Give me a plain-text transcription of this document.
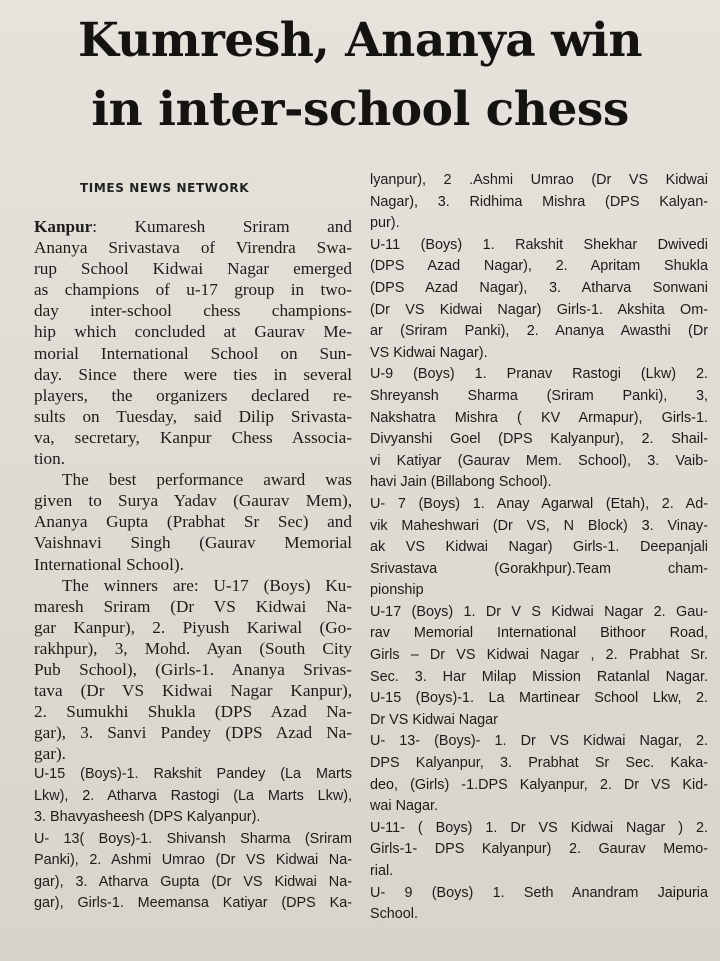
Kumresh, Ananya win
in inter-school chess
TIMES NEWS NETWORK
Kanpur: Kumaresh Sriram and
Ananya Srivastava of Virendra Swa-
rup School Kidwai Nagar emerged
as champions of u-17 group in two-
day inter-school chess champions-
hip which concluded at Gaurav Me-
morial International School on Sun-
day. Since there were ties in several
players, the organizers declared re-
sults on Tuesday, said Dilip Srivasta-
va, secretary, Kanpur Chess Associa-
tion.
The best performance award was
given to Surya Yadav (Gaurav Mem),
Ananya Gupta (Prabhat Sr Sec) and
Vaishnavi Singh (Gaurav Memorial
International School).
The winners are: U-17 (Boys) Ku-
maresh Sriram (Dr VS Kidwai Na-
gar Kanpur), 2. Piyush Kariwal (Go-
rakhpur), 3, Mohd. Ayan (South City
Pub School), (Girls-1. Ananya Srivas-
tava (Dr VS Kidwai Nagar Kanpur),
2. Sumukhi Shukla (DPS Azad Na-
gar), 3. Sanvi Pandey (DPS Azad Na-
gar).
U-15 (Boys)-1. Rakshit Pandey (La Marts
Lkw), 2. Atharva Rastogi (La Marts Lkw),
3. Bhavyasheesh (DPS Kalyanpur).
U- 13( Boys)-1. Shivansh Sharma (Sriram
Panki), 2. Ashmi Umrao (Dr VS Kidwai Na-
gar), 3. Atharva Gupta (Dr VS Kidwai Na-
gar), Girls-1. Meemansa Katiyar (DPS Ka-
lyanpur), 2 .Ashmi Umrao (Dr VS Kidwai
Nagar), 3. Ridhima Mishra (DPS Kalyan-
pur).
U-11 (Boys) 1. Rakshit Shekhar Dwivedi
(DPS Azad Nagar), 2. Apritam Shukla
(DPS Azad Nagar), 3. Atharva Sonwani
(Dr VS Kidwai Nagar) Girls-1. Akshita Om-
ar (Sriram Panki), 2. Ananya Awasthi (Dr
VS Kidwai Nagar).
U-9 (Boys) 1. Pranav Rastogi (Lkw) 2.
Shreyansh Sharma (Sriram Panki), 3,
Nakshatra Mishra ( KV Armapur), Girls-1.
Divyanshi Goel (DPS Kalyanpur), 2. Shail-
vi Katiyar (Gaurav Mem. School), 3. Vaib-
havi Jain (Billabong School).
U- 7 (Boys) 1. Anay Agarwal (Etah), 2. Ad-
vik Maheshwari (Dr VS, N Block) 3. Vinay-
ak VS Kidwai Nagar) Girls-1. Deepanjali
Srivastava (Gorakhpur).Team cham-
pionship
U-17 (Boys) 1. Dr V S Kidwai Nagar 2. Gau-
rav Memorial International Bithoor Road,
Girls – Dr VS Kidwai Nagar , 2. Prabhat Sr.
Sec. 3. Har Milap Mission Ratanlal Nagar.
U-15 (Boys)-1. La Martinear School Lkw, 2.
Dr VS Kidwai Nagar
U- 13- (Boys)- 1. Dr VS Kidwai Nagar, 2.
DPS Kalyanpur, 3. Prabhat Sr Sec. Kaka-
deo, (Girls) -1.DPS Kalyanpur, 2. Dr VS Kid-
wai Nagar.
U-11- ( Boys) 1. Dr VS Kidwai Nagar ) 2.
Girls-1- DPS Kalyanpur) 2. Gaurav Memo-
rial.
U- 9 (Boys) 1. Seth Anandram Jaipuria
School.
